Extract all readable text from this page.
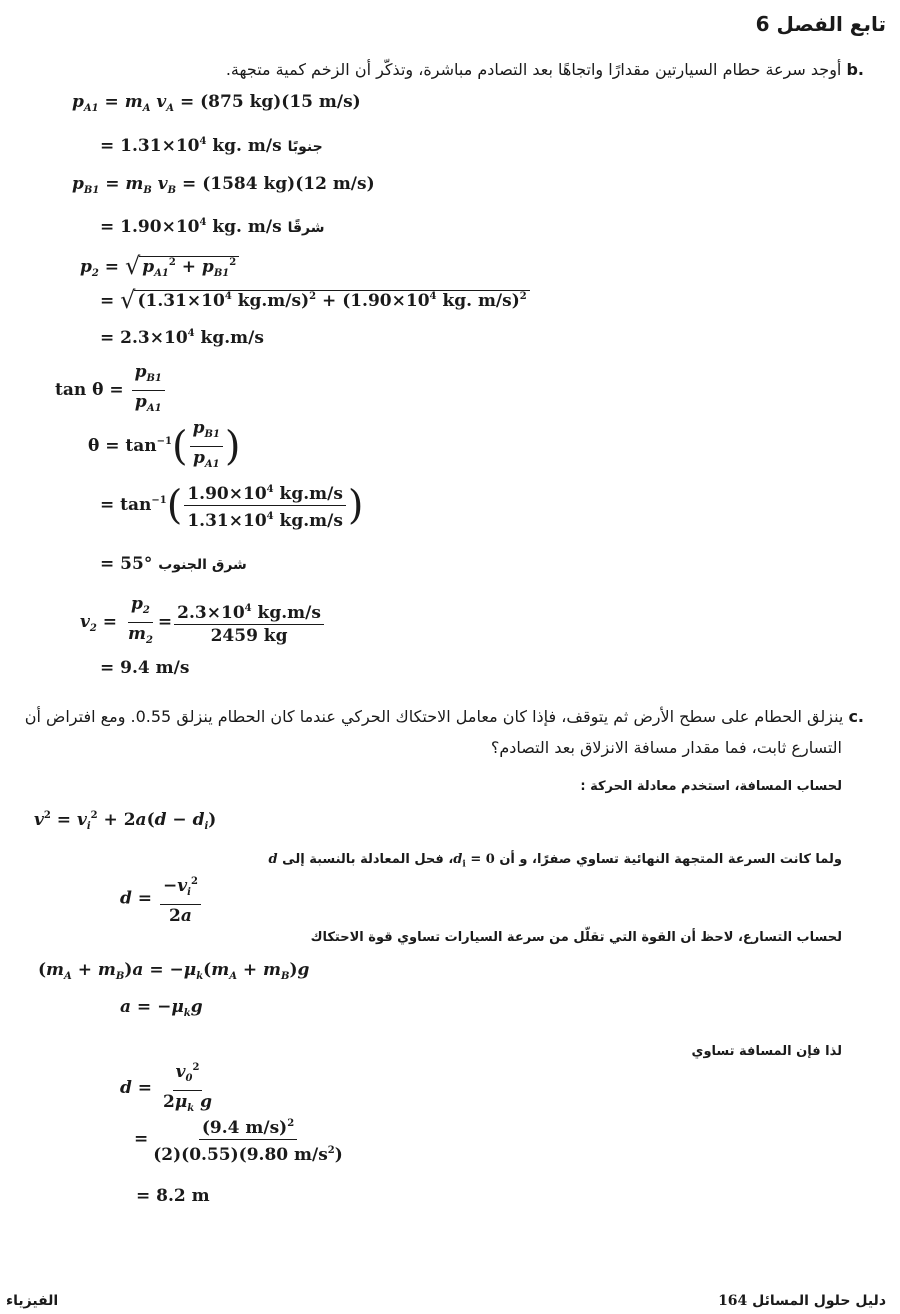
تابع الفصل 6
b. أوجد سرعة حطام السيارتين مقدارًا واتجاهًا بعد التصادم مباشرة، وتذكّر أن الزخم كمية متجهة.
$p_{A1} = m_A$ $v_A = (875$ kg)(15 m/s)
= $1.31\times 10^4$ kg. m/s جنوبًا
$p_{B1} = m_B$ $v_B = (1584$ kg)(12 m/s)
= $1.90\times 10^4$ kg. m/s شرقًا
$p_2$ = √ $p_{A1}^2 + p_{B1}^2$
= √ ($1.31\times 10^4$ $kg.m/s)^2 + (1.90\times 10^4$ kg. m/s)$^2$
= $2.3\times 10^4$ kg.m/s
$\tan \theta = \frac{p_{B1}}{p_{A1}}$
$\theta = \tan^{-1}( \frac{p_{B1}}{p_{A1}}$ )
= $\tan^{-1}( \frac{1.90\times 10^4 kg.m/s}{1.31\times 10^4 kg.m/s}$ )
= 55° شرق الجنوب
$v_2 = \frac{p_2}{m_2} = \frac{2.3\times 10^4 kg.m/s}{2459 kg}$
= 9.4 m/s
c. ينزلق الحطام على سطح الأرض ثم يتوقف، فإذا كان معامل الاحتكاك الحركي عندما كان الحطام ينزلق 0.55. ومع افتراض أن
التسارع ثابت، فما مقدار مسافة الانزلاق بعد التصادم؟
لحساب المسافة، استخدم معادلة الحركة :
$v^2 = v_i^2 + 2a(d - d_i)$
ولما كانت السرعة المتجهة النهائية تساوي صفرًا، و أن $d_i$ = 0، فحل المعادلة بالنسبة إلى d
$d = \frac{-v_i^2}{2a}$
لحساب التسارع، لاحظ أن القوة التي تقلّل من سرعة السيارات تساوي قوة الاحتكاك
$(m_A + m_B)a = -\mu_k(m_A + m_B)g$
$a = -\mu_kg$
لذا فإن المسافة تساوي
$d = \frac{v_0^2}{2\mu_k g}$
= $\frac{(9.4 m/s)^2}{(2)(0.55)(9.80 m/s^2)}$
= 8.2 m
دليل حلول المسائل 164
الفيزياء
